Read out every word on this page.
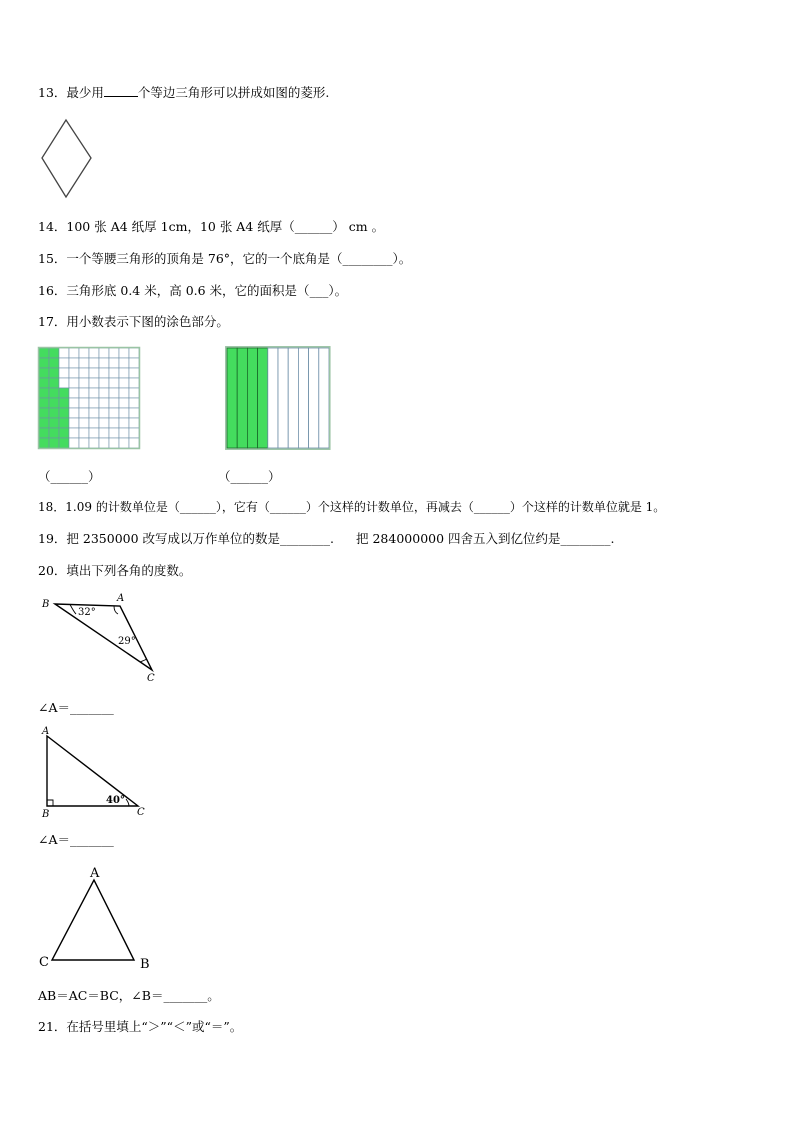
13．最少用	个等边三角形可以拼成如图的菱形.
14．100 张 A4 纸厚 1cm，10 张 A4 纸厚（______） cm 。
15．一个等腰三角形的顶角是 76°，它的一个底角是（________）。
16．三角形底 0.4 米，高 0.6 米，它的面积是（___）。
17．用小数表示下图的涂色部分。
（______）	（______）
18．1.09 的计数单位是（______），它有（______）个这样的计数单位，再减去（______）个这样的计数单位就是 1。
19．把 2350000 改写成以万作单位的数是________. 把 284000000 四舍五入到亿位约是________.
20．填出下列各角的度数。
B
A
C
32°
29°
∠A＝_______
A
B	C
40°
∠A＝_______
A
C	B
AB＝AC＝BC，∠B＝_______。
21．在括号里填上“＞”“＜”或“＝”。
